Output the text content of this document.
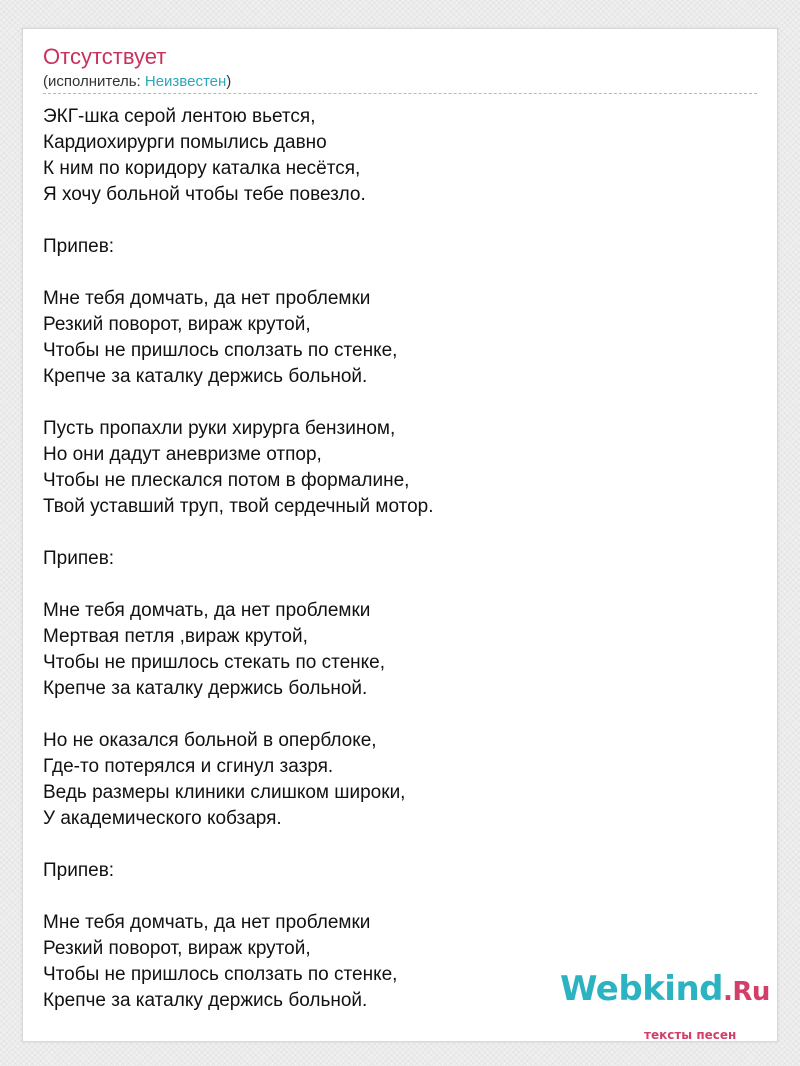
Отсутствует
(исполнитель: Неизвестен)
ЭКГ-шка серой лентою вьется,
Кардиохирурги помылись давно
К ним по коридору каталка несётся,
Я хочу больной чтобы тебе повезло.
Припев:
Мне тебя домчать, да нет проблемки
Резкий поворот, вираж крутой,
Чтобы не пришлось сползать по стенке,
Крепче за каталку держись больной.
Пусть пропахли руки хирурга бензином,
Но они дадут аневризме отпор,
Чтобы не плескался потом в формалине,
Твой уставший труп, твой сердечный мотор.
Припев:
Мне тебя домчать, да нет проблемки
Мертвая петля ,вираж крутой,
Чтобы не пришлось стекать по стенке,
Крепче за каталку держись больной.
Но не оказался больной в оперблоке,
Где-то потерялся и сгинул зазря.
Ведь размеры клиники слишком широки,
У академического кобзаря.
Припев:
Мне тебя домчать, да нет проблемки
Резкий поворот, вираж крутой,
Чтобы не пришлось сползать по стенке,
Крепче за каталку держись больной.	Webkind.Ru
тексты песен
